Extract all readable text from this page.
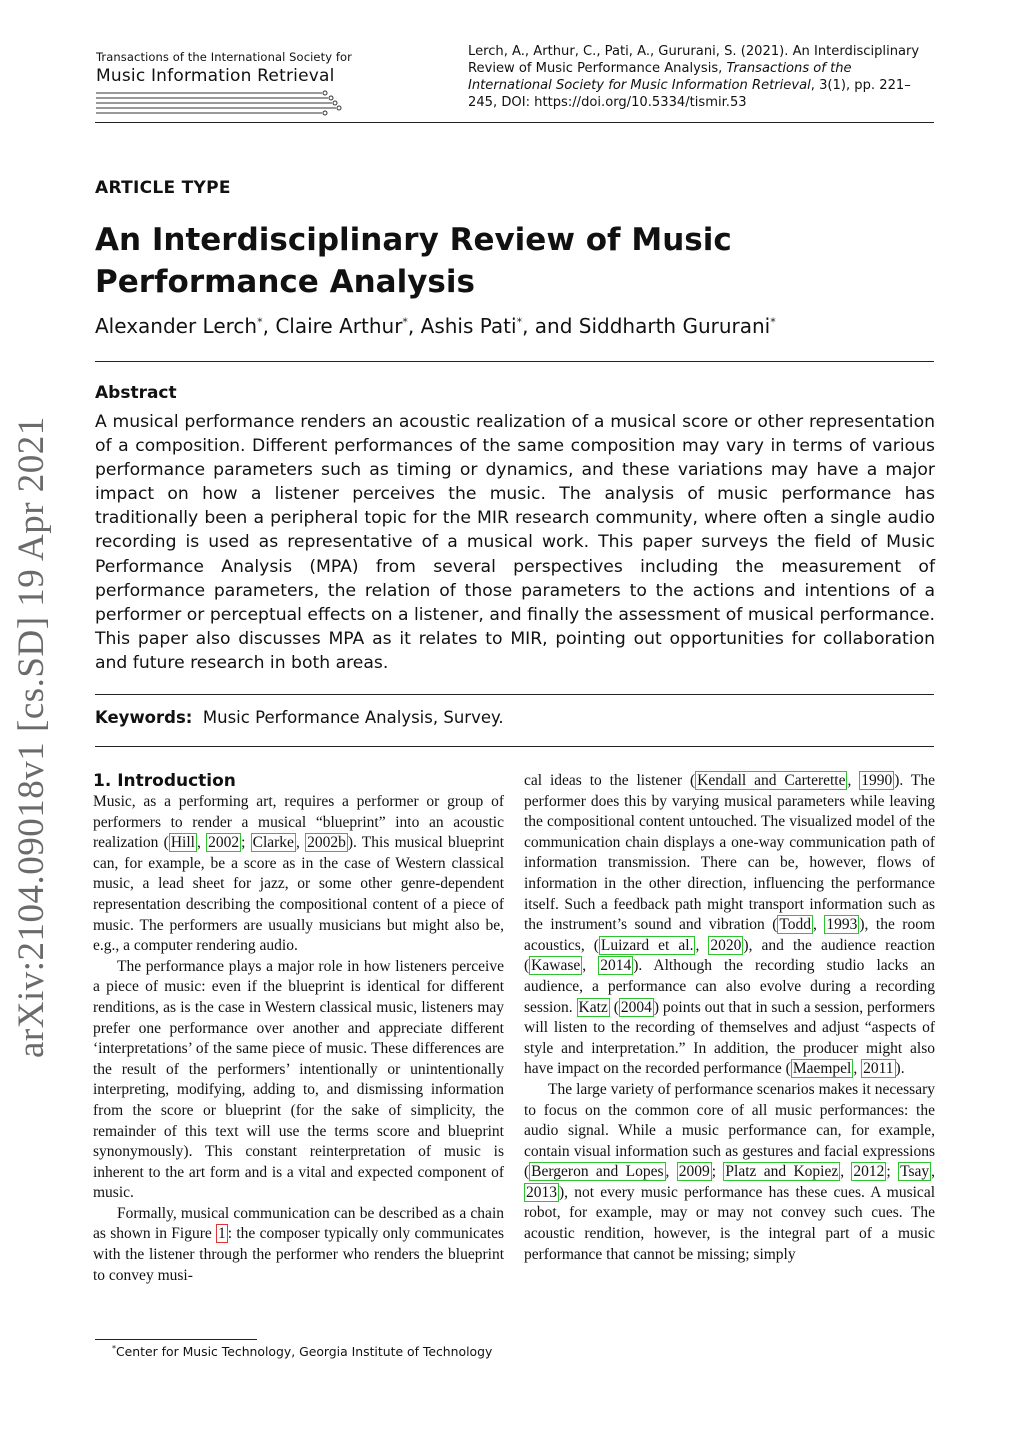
Transactions of the International Society for
Music Information Retrieval
Lerch, A., Arthur, C., Pati, A., Gururani, S. (2021). An Interdisciplinary Review of Music Performance Analysis, Transactions of the International Society for Music Information Retrieval, 3(1), pp. 221–245, DOI: https://doi.org/10.5334/tismir.53
arXiv:2104.09018v1 [cs.SD] 19 Apr 2021
ARTICLE TYPE
An Interdisciplinary Review of Music Performance Analysis
Alexander Lerch*, Claire Arthur*, Ashis Pati*, and Siddharth Gururani*
Abstract

A musical performance renders an acoustic realization of a musical score or other representation of a composition. Different performances of the same composition may vary in terms of various performance parameters such as timing or dynamics, and these variations may have a major impact on how a listener perceives the music. The analysis of music performance has traditionally been a peripheral topic for the MIR research community, where often a single audio recording is used as representative of a musical work. This paper surveys the field of Music Performance Analysis (MPA) from several perspectives including the measurement of performance parameters, the relation of those parameters to the actions and intentions of a performer or perceptual effects on a listener, and finally the assessment of musical performance. This paper also discusses MPA as it relates to MIR, pointing out opportunities for collaboration and future research in both areas.

Keywords: Music Performance Analysis, Survey.
1. Introduction

Music, as a performing art, requires a performer or group of performers to render a musical “blueprint” into an acoustic realization ( Hill , 2002 ; Clarke , 2002b ). This musical blueprint can, for example, be a score as in the case of Western classical music, a lead sheet for jazz, or some other genre-dependent representation describing the compositional content of a piece of music. The performers are usually musicians but might also be, e.g., a computer rendering audio.

The performance plays a major role in how listeners perceive a piece of music: even if the blueprint is identical for different renditions, as is the case in Western classical music, listeners may prefer one performance over another and appreciate different ‘interpretations’ of the same piece of music. These differences are the result of the performers’ intentionally or unintentionally interpreting, modifying, adding to, and dismissing information from the score or blueprint (for the sake of simplicity, the remainder of this text will use the terms score and blueprint synonymously). This constant reinterpretation of music is inherent to the art form and is a vital and expected component of music.

Formally, musical communication can be described as a chain as shown in Figure 1 : the composer typically only communicates with the listener through the performer who renders the blueprint to convey musi-

cal ideas to the listener ( Kendall and Carterette , 1990 ). The performer does this by varying musical parameters while leaving the compositional content untouched. The visualized model of the communication chain displays a one-way communication path of information transmission. There can be, however, flows of information in the other direction, influencing the performance itself. Such a feedback path might transport information such as the instrument’s sound and vibration ( Todd , 1993 ), the room acoustics, ( Luizard et al. , 2020 ), and the audience reaction ( Kawase , 2014 ). Although the recording studio lacks an audience, a performance can also evolve during a recording session. Katz ( 2004 ) points out that in such a session, performers will listen to the recording of themselves and adjust “aspects of style and interpretation.” In addition, the producer might also have impact on the recorded performance ( Maempel , 2011 ).

The large variety of performance scenarios makes it necessary to focus on the common core of all music performances: the audio signal. While a music performance can, for example, contain visual information such as gestures and facial expressions ( Bergeron and Lopes , 2009 ; Platz and Kopiez , 2012 ; Tsay , 2013 ), not every music performance has these cues. A musical robot, for example, may or may not convey such cues. The acoustic rendition, however, is the integral part of a music performance that cannot be missing; simply

*Center for Music Technology, Georgia Institute of Technology
